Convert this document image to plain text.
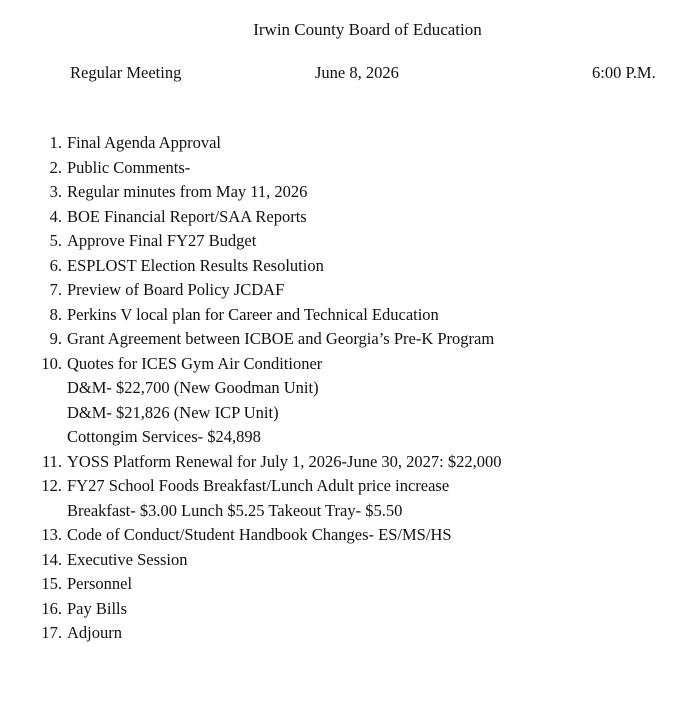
Irwin County Board of Education
Regular Meeting	June 8, 2026	6:00 P.M.
1. Final Agenda Approval
2. Public Comments-
3. Regular minutes from May 11, 2026
4. BOE Financial Report/SAA Reports
5. Approve Final FY27 Budget
6. ESPLOST Election Results Resolution
7. Preview of Board Policy JCDAF
8. Perkins V local plan for Career and Technical Education
9. Grant Agreement between ICBOE and Georgia’s Pre-K Program
10. Quotes for ICES Gym Air Conditioner
D&M- $22,700 (New Goodman Unit)
D&M- $21,826 (New ICP Unit)
Cottongim Services- $24,898
11. YOSS Platform Renewal for July 1, 2026-June 30, 2027: $22,000
12. FY27 School Foods Breakfast/Lunch Adult price increase
Breakfast- $3.00 Lunch $5.25 Takeout Tray- $5.50
13. Code of Conduct/Student Handbook Changes- ES/MS/HS
14. Executive Session
15. Personnel
16. Pay Bills
17. Adjourn
